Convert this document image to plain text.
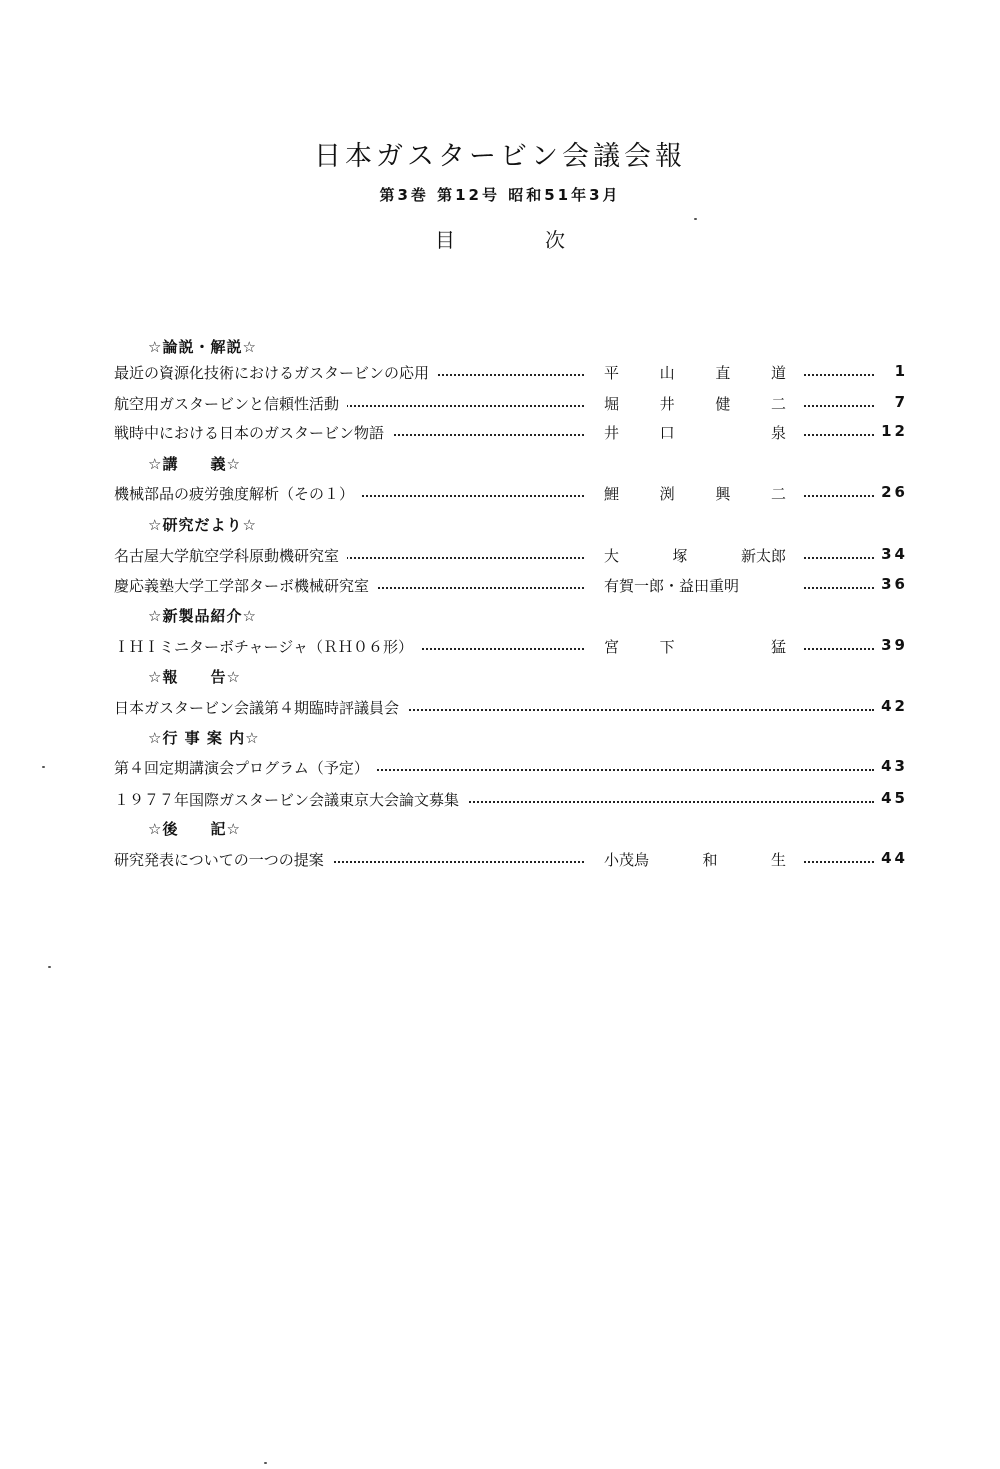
日本ガスタービン会議会報
第3巻 第12号 昭和51年3月
目	次
☆論説・解説☆
最近の資源化技術におけるガスタービンの応用	平	山	直	道	1
航空用ガスタービンと信頼性活動	堀	井	健	二	7
戦時中における日本のガスタービン物語	井	口	泉	12
☆講　　義☆
機械部品の疲労強度解析（その１）	鯉	渕	興	二	26
☆研究だより☆
名古屋大学航空学科原動機研究室	大	塚	新太郎	34
慶応義塾大学工学部ターボ機械研究室	有賀一郎・益田重明	36
☆新製品紹介☆
ＩＨＩミニターボチャージャ（ＲＨ０６形）	宮	下	猛	39
☆報　　告☆
日本ガスタービン会議第４期臨時評議員会	42
☆行 事 案 内☆
第４回定期講演会プログラム（予定）	43
１９７７年国際ガスタービン会議東京大会論文募集	45
☆後　　記☆
研究発表についての一つの提案	小茂鳥	和	生	44
